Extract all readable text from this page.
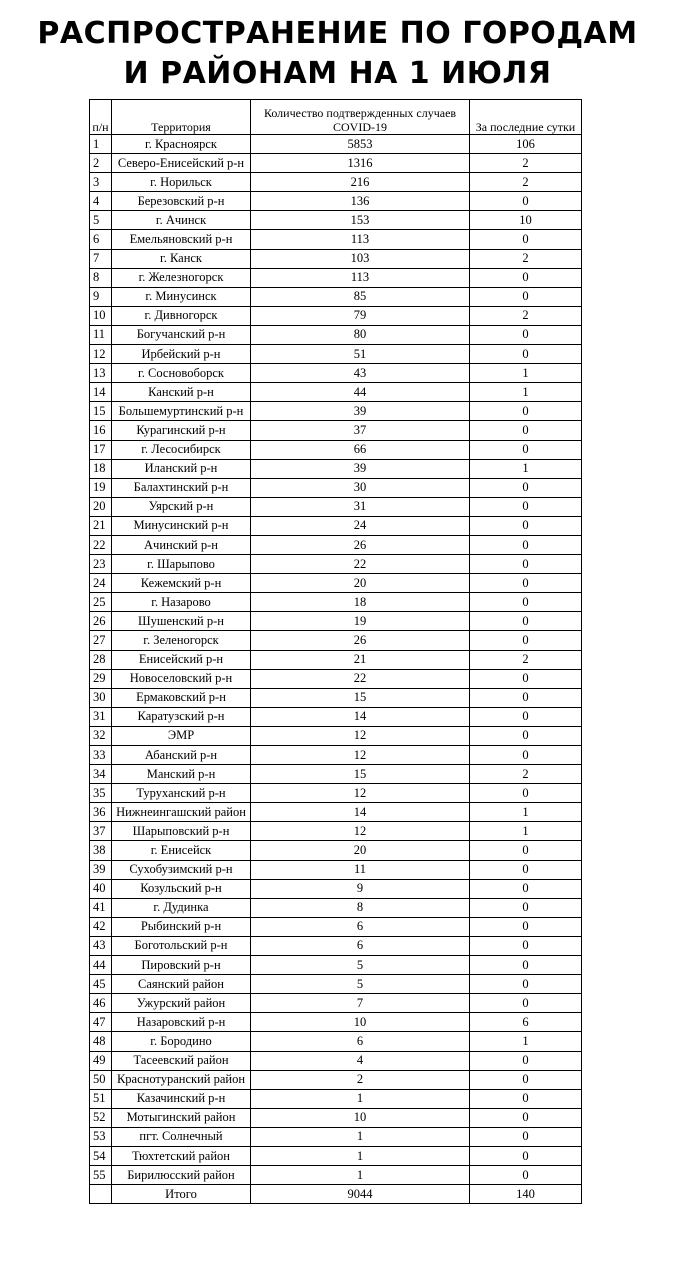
РАСПРОСТРАНЕНИЕ ПО ГОРОДАМ
И РАЙОНАМ НА 1 ИЮЛЯ
п/н	Территория	Количество подтвержденных случаев COVID-19	За последние сутки
1	г. Красноярск	5853	106
2	Северо-Енисейский р-н	1316	2
3	г. Норильск	216	2
4	Березовский р-н	136	0
5	г. Ачинск	153	10
6	Емельяновский р-н	113	0
7	г. Канск	103	2
8	г. Железногорск	113	0
9	г. Минусинск	85	0
10	г. Дивногорск	79	2
11	Богучанский р-н	80	0
12	Ирбейский р-н	51	0
13	г. Сосновоборск	43	1
14	Канский р-н	44	1
15	Большемуртинский р-н	39	0
16	Курагинский р-н	37	0
17	г. Лесосибирск	66	0
18	Иланский р-н	39	1
19	Балахтинский р-н	30	0
20	Уярский р-н	31	0
21	Минусинский р-н	24	0
22	Ачинский р-н	26	0
23	г. Шарыпово	22	0
24	Кежемский р-н	20	0
25	г. Назарово	18	0
26	Шушенский р-н	19	0
27	г. Зеленогорск	26	0
28	Енисейский р-н	21	2
29	Новоселовский р-н	22	0
30	Ермаковский р-н	15	0
31	Каратузский р-н	14	0
32	ЭМР	12	0
33	Абанский р-н	12	0
34	Манский р-н	15	2
35	Туруханский р-н	12	0
36	Нижнеингашский район	14	1
37	Шарыповский р-н	12	1
38	г. Енисейск	20	0
39	Сухобузимский р-н	11	0
40	Козульский р-н	9	0
41	г. Дудинка	8	0
42	Рыбинский р-н	6	0
43	Боготольский р-н	6	0
44	Пировский р-н	5	0
45	Саянский район	5	0
46	Ужурский район	7	0
47	Назаровский р-н	10	6
48	г. Бородино	6	1
49	Тасеевский район	4	0
50	Краснотуранский район	2	0
51	Казачинский р-н	1	0
52	Мотыгинский район	10	0
53	пгт. Солнечный	1	0
54	Тюхтетский район	1	0
55	Бирилюсский район	1	0
	Итого	9044	140
